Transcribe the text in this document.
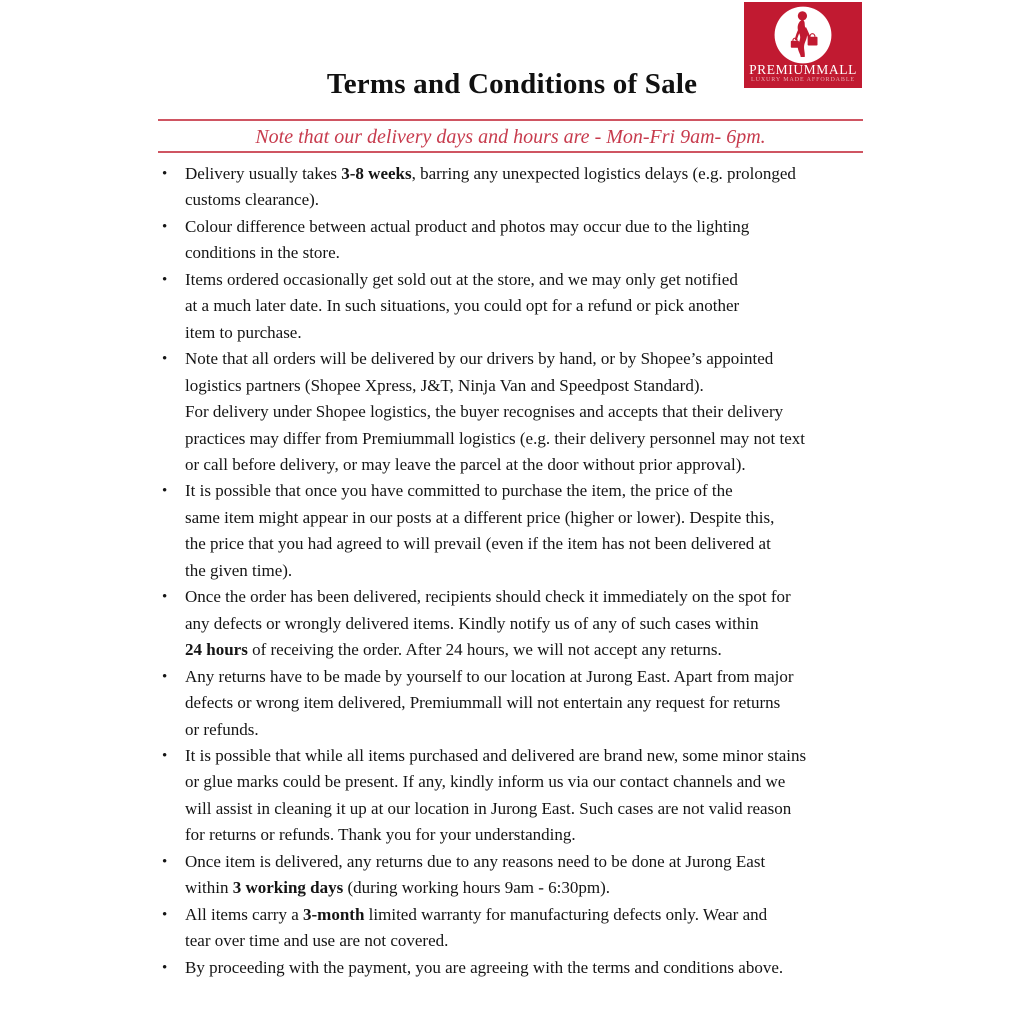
PREMIUMMALL
LUXURY MADE AFFORDABLE
Terms and Conditions of Sale
Note that our delivery days and hours are - Mon-Fri 9am- 6pm.
•	Delivery usually takes 3-8 weeks, barring any unexpected logistics delays (e.g. prolonged
customs clearance).
•	Colour difference between actual product and photos may occur due to the lighting
conditions in the store.
•	Items ordered occasionally get sold out at the store, and we may only get notified
at a much later date. In such situations, you could opt for a refund or pick another
item to purchase.
•	Note that all orders will be delivered by our drivers by hand, or by Shopee’s appointed
logistics partners (Shopee Xpress, J&T, Ninja Van and Speedpost Standard).
For delivery under Shopee logistics, the buyer recognises and accepts that their delivery
practices may differ from Premiummall logistics (e.g. their delivery personnel may not text
or call before delivery, or may leave the parcel at the door without prior approval).
•	It is possible that once you have committed to purchase the item, the price of the
same item might appear in our posts at a different price (higher or lower). Despite this,
the price that you had agreed to will prevail (even if the item has not been delivered at
the given time).
•	Once the order has been delivered, recipients should check it immediately on the spot for
any defects or wrongly delivered items. Kindly notify us of any of such cases within
24 hours of receiving the order. After 24 hours, we will not accept any returns.
•	Any returns have to be made by yourself to our location at Jurong East. Apart from major
defects or wrong item delivered, Premiummall will not entertain any request for returns
or refunds.
•	It is possible that while all items purchased and delivered are brand new, some minor stains
or glue marks could be present. If any, kindly inform us via our contact channels and we
will assist in cleaning it up at our location in Jurong East. Such cases are not valid reason
for returns or refunds. Thank you for your understanding.
•	Once item is delivered, any returns due to any reasons need to be done at Jurong East
within 3 working days (during working hours 9am - 6:30pm).
•	All items carry a 3-month limited warranty for manufacturing defects only. Wear and
tear over time and use are not covered.
•	By proceeding with the payment, you are agreeing with the terms and conditions above.
